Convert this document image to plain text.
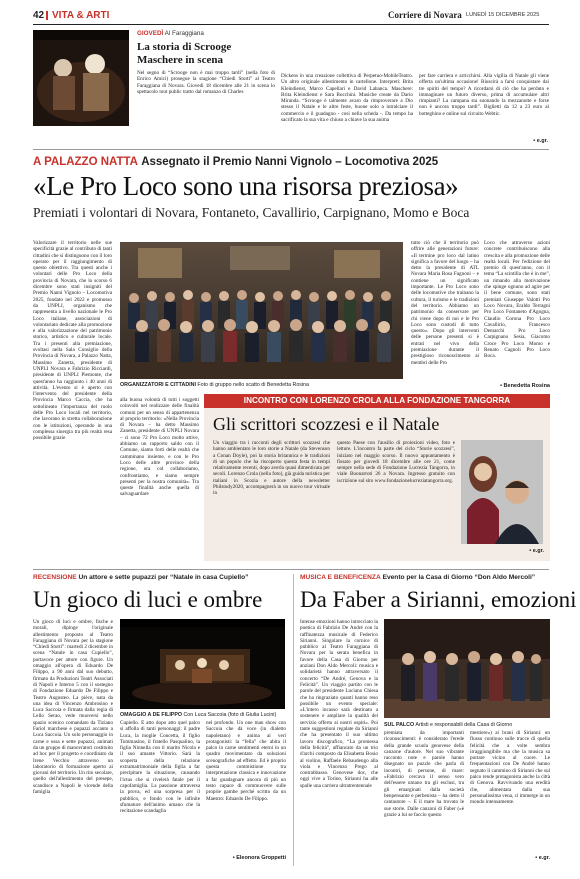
42 VITA & ARTI	Corriere di Novara LUNEDÌ 15 DICEMBRE 2025
GIOVEDÌ Al Faraggiana
La storia di Scrooge Maschere in scena
Nel segno di “Scrooge non è mai troppo tardi” (nella foto di Enrico Amici) prosegue la stagione “Chiedi Storti” al Teatro Faraggiana di Novara. Giovedì 18 dicembre alle 21 in scena lo spettacolo tout public tratto dal romanzo di Charles
Dickens in una creazione collettiva di Perpetuo-MobileTeatro. Un altro originale allestimento in cartellone. Interpreti: Brita Kleindienst, Marco Capellari e David Labanca. Maschere: Brita Kleindienst e Sara Bocchini. Musiche create da Dario Miranda. “Scrooge è talmente avaro da rimproverare a Dio stesso il Natale e le altre feste, buone solo a intralciare il commercio e il guadagno - così nella scheda -. Da tempo ha sacrificato la sua vita e chiuso a chiave la sua anima
per fare carriera e arricchirsi. Alla vigilia di Natale gli viene offerta un'ultima occasione! Riuscirà a farsi conquistare dai tre spiriti del tempo? A ricordarsi di ciò che ha perduto e immaginare un futuro diverso, prima di accumulare altri rimpianti? La campana sta suonando la mezzanotte e forse non è ancora troppo tardi”. Biglietti da 12 a 23 euro al botteghino e online sul circuito Webtic.
• e.gr.
A PALAZZO NATTA Assegnato il Premio Nanni Vignolo – Locomotiva 2025
«Le Pro Loco sono una risorsa preziosa»
Premiati i volontari di Novara, Fontaneto, Cavallirio, Carpignano, Momo e Boca
Valorizzare il territorio nelle sue specificità grazie al contributo di tanti cittadini che si distinguono con il loro operato per il raggiungimento di questo obiettivo. Tra questi anche i volontari delle Pro Loco della provincia di Novara, che lo scorso 6 dicembre sono stati insigniti del Premio Nanni Vignolo – Locomotiva 2025, fondato nel 2022 e promosso da UNPLI, organismo che rappresenta a livello nazionale le Pro Loco italiane, associazioni di volontariato dedicate alla promozione e alla valorizzazione del patrimonio storico, artistico e culturale locale. Tra i presenti alla premiazione, svoltasi nella Sala Consiglio della Provincia di Novara, a Palazzo Natta, Massimo Zanetta, presidente di UNPLI Novara e Fabrizio Ricciardi, presidente di UNPLI Piemonte, che quest'anno ha raggiunto i 40 anni di attività. L'evento si è aperto con l'intervento del presidente della Provincia Marco Caccia, che ha sottolineato l'importanza del ruolo delle Pro Loco locali nel territorio, che lavorano in stretta collaborazione con le istituzioni, operando in una complessa sinergia tra più realtà resa possibile grazie
ORGANIZZATORI E CITTADINI Foto di gruppo nello scatto di Benedetta Rosina
tutto ciò che il territorio può offrire alle generazioni future: «Il termine pro loco dal latino significa a favore del luogo – ha detto la presidente di ATL Novara Maria Rosa Fagnoni – e contiene un significato importante. Le Pro Loco sono delle locomotive che trainano la cultura, il turismo e le tradizioni del territorio. Abbiamo un patrimonio da conservare per chi viene dopo di noi e le Pro Loco sono custodi di tutto questo». Dopo gli interventi delle persone presenti si è entrati nel vivo della premiazione durante il prestigioso riconoscimento ai membri delle Pro
Loco che attraverso azioni concrete contribuiscono alla crescita e alla promozione delle realtà locali. Per l'edizione del premio di quest'anno, con il tema “La scintilla che è in me”, un rimando alla motivazione che spinge ognuno ad agire per il bene comune, sono stati premiati Giuseppe Valotti Pro Loco Novara, Eraldo Terragni Pro Loco Fontaneto d'Agogna, Claudio Corona Pro Loco Cavallirio, Francesco Demarchi Pro Loco Carpignano Sesia, Giacomo Croce Pro Loco Momo e Renato Cagnoli Pro Loco Boca.
• Benedetta Rosina
alla buona volontà di tutti i soggetti coinvolti nel realizzare delle finalità comuni per un senso di appartenenza al proprio territorio: «Nella Provincia di Novara – ha detto Massimo Zanetta, presidente di UNPLI Novara – ci sono 72 Pro Loco molto attive, abbiamo un rapporto saldo con il Comune, siamo forti delle realtà che camminano insieme, e con le Pro Loco delle altre province della regione, ora col collaboriamo, confrontiamo, e siamo sempre presenti per la nostra comunità». Tra queste finalità anche quella di salvaguardare
INCONTRO CON LORENZO CROLA ALLA FONDAZIONE TANGORRA
Gli scrittori scozzesi e il Natale
Un viaggio tra i racconti degli scrittori scozzesi che hanno ambientato le loro storie a Natale (da Stevenson a Conan Doyle), poi la storia britannica e le tradizioni di un popolo che ha riscoperto questa festa in tempi relativamente recenti, dopo averla quasi dimenticata per secoli. Lorenzo Crola (nella foto), già guida turistica per italiani in Scozia e autore della newsletter Philstudy2020, accompagnerà in un nuovo tour virtuale in
questo Paese con l'ausilio di proiezioni video, foto e letture. L'incontro fa parte del ciclo “Storie scozzesi”, iniziato nel maggio scorso. Il nuovo appuntamento è fissato per giovedì 18 dicembre alle ore 21, come sempre nella sede di Fondazione Lucrezia Tangorra, in viale Buonarroti 26 a Novara. Ingresso gratuito con iscrizione sul sito www.fondazionelucreziatangorra.org.
• e.gr.
RECENSIONE Un attore e sette pupazzi per “Natale in casa Cupiello”
Un gioco di luci e ombre
Un gioco di luci e ombre, fische e morali, dipinge l'originale allestimento proposto al Teatro Faraggiana di Novara per la stagione “Chiedi Storti”: martedì 2 dicembre in scena “Natale in casa Cupiello”, portavoce per attore con figure. Un omaggio all'opera di Eduardo De Filippo, a 90 anni dal suo debutto, firmato da Produzioni Teatri Associati di Napoli e Interno 5 con il sostegno di Fondazione Eduardo De Filippo e Teatro Augusteo. La pièce, nata da una idea di Vincenzo Ambrosino e Luca Saccoia e firmata dalla regia di Lello Serao, vede muoversi nello spazio scenico comandato da Tiziano Fariol marchese e pupazzi accanto a Luca Saccoia. Un solo personaggio in carne e ossa e sette pupazzi, animati da un gruppo di manovratori costituito ad hoc per il progetto e coordinato da Irene Vecchio attraverso un laboratorio di formazione aperto ai giovani del territorio. Un rito secolare, quello dell'allestimento del presepe, scandisce a Napoli le vicende della famiglia
OMAGGIO A DE FILIPPO Con Luca Saccoia (foto di Giulia Lucini)
Cupiello. È atto dopo atto quel palco si affolla di tanti personaggi: il padre Luca, la moglie Concetta, il figlio Tommasino, il fratello Pasqualino, la figlia Ninnella con il marito Nicola e il suo amante Vittorio. Sarà la scoperta della relazione extramatrimoniale della figlia a far precipitare la situazione, causando l'ictus che si rivelerà fatale per il capofamiglia. La passione attraversa la prova, ed una sorpresa per il pubblico, e fondo con le infinite sfumature dell'animo umano che la recitazione scandaglia
nel profondo. Un one man show con Saccoia che dà voce (in dialetto napoletano) e anima ai veri protagonisti: la “fella” che abita il palco in carne sentimenti eterni in un quadro movimentato da soluzioni scenografiche ad effetto. Ed è proprio questa commistione tra interpretazione classica e innovazione a far guadagnare ancora di più un testo capace di commuovere sulle proprie gambe perché scritto da un Maestro: Eduardo De Filippo.
• Eleonora Groppetti
MUSICA E BENEFICENZA Evento per la Casa di Giorno “Don Aldo Mercoli”
Da Faber a Sirianni, emozioni
Intense emozioni hanno intrecciato la poetica di Fabrizio De André con la raffinatezza musicale di Federico Sirianni. Singolare la cornice di pubblico al Teatro Faraggiana di Novara per la serata benefica in favore della Casa di Giorno per anziani Don Aldo Mercoli: musica e solidarietà hanno attraversato il concerto “De André, Genova e la Felicità”. Un viaggio partito con le parole del presidente Luciano Chiesa che ha ringraziato quanti hanno reso possibile un evento speciale: «L'intero incasso sarà destinato a sostenere e ampliare la qualità del servizio offerto ai nostri ospiti». Poi tante suggestioni regalate da Sirianni che ha presentato il suo ultimo lavoro discografico, “La promessa della felicità”, affiancato da un trio d'archi composto da Elisabetta Bosio al violino, Raffaele Rebaudengo alla viola e Vincenzo Prego al contrabbasso. Genovese doc, che oggi vive a Torino, Sirianni ha alle spalle una carriera ultratrentennale
SUL PALCO Artisti e responsabili della Casa di Giorno
premiata da importanti riconoscimenti: è considerato l'erede della grande scuola genovese della canzone d'autore. Nel suo vibrante racconto note e parole hanno disegnato un puzzle che parla di incontri, di persone, di mare: «Fabrizio cercava il senso vero dell'essere umano tra gli esclusi, tra gli emarginati dalla società benpensante e perbenista – ha detto il cantautore –. E il mare ha trovato le sue storie. Dalle canzoni di Faber (»è grazie a lui se faccio questo
mestiere») ai brani di Sirianni: un flusso continuo sulle tracce di quella felicità che a volte sembra irraggiungibile ma che la musica sa portare vicino al cuore. Le frequentazioni con De André hanno segnato il cammino di Sirianni che sul palco rende protagonista anche la città di Genova. Ravvivando una eredità che, alimentata dalla sua personalissima vena, ci immerge in un mondo intensamente.
• e.gr.
